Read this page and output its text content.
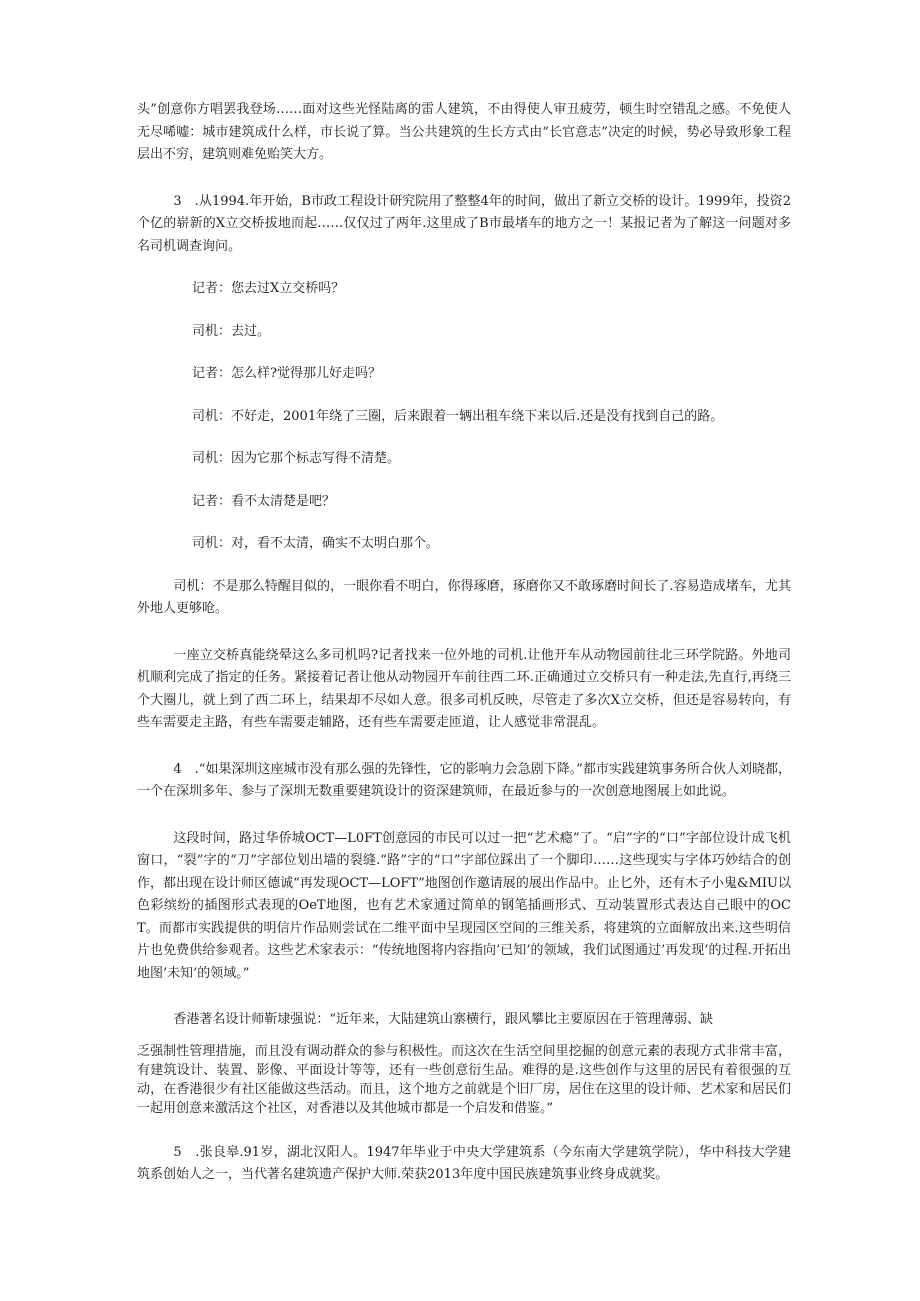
头”创意你方唱罢我登场……面对这些光怪陆离的雷人建筑，不由得使人审丑疲劳，顿生时空错乱之感。不免使人无尽唏嘘：城市建筑成什么样，市长说了算。当公共建筑的生长方式由“长官意志”决定的时候，势必导致形象工程层出不穷，建筑则难免贻笑大方。

3　.从1994.年开始，B市政工程设计研究院用了整整4年的时间，做出了新立交桥的设计。1999年，投资2个亿的崭新的X立交桥拔地而起……仅仅过了两年.这里成了B市最堵车的地方之一！某报记者为了解这一问题对多名司机调查询问。

记者：您去过X立交桥吗？

司机：去过。

记者：怎么样?觉得那儿好走吗？

司机：不好走，2001年绕了三圈，后来跟着一辆出租车绕下来以后.还是没有找到自己的路。

司机：因为它那个标志写得不清楚。

记者：看不太清楚是吧？

司机：对，看不太清，确实不太明白那个。

司机：不是那么特醒目似的，一眼你看不明白，你得琢磨，琢磨你又不敢琢磨时间长了.容易造成堵车，尤其外地人更够呛。

一座立交桥真能绕晕这么多司机吗?记者找来一位外地的司机.让他开车从动物园前往北三环学院路。外地司机顺利完成了指定的任务。紧接着记者让他从动物园开车前往西二环.正确通过立交桥只有一种走法,先直行,再绕三个大圈儿，就上到了西二环上，结果却不尽如人意。很多司机反映，尽管走了多次X立交桥，但还是容易转向，有些车需要走主路，有些车需要走辅路，还有些车需要走匝道，让人感觉非常混乱。

4　.“如果深圳这座城市没有那么强的先锋性，它的影响力会急剧下降。”都市实践建筑事务所合伙人刘晓都，一个在深圳多年、参与了深圳无数重要建筑设计的资深建筑师，在最近参与的一次创意地图展上如此说。

这段时间，路过华侨城OCT—L0FT创意园的市民可以过一把“艺术瘾”了。“启”字的“口”字部位设计成飞机窗口，“裂”字的“刀”字部位划出墙的裂缝.“路”字的“口”字部位踩出了一个脚印……这些现实与字体巧妙结合的创作，都出现在设计师区德诚“再发现OCT—LOFT”地图创作邀请展的展出作品中。止匕外，还有木子小鬼&MIU以色彩缤纷的插图形式表现的OeT地图，也有艺术家通过简单的钢笔插画形式、互动装置形式表达自己眼中的OCT。而都市实践提供的明信片作品则尝试在二维平面中呈现园区空间的三维关系，将建筑的立面解放出来.这些明信片也免费供给参观者。这些艺术家表示：“传统地图将内容指向’已知’的领域，我们试图通过’再发现’的过程.开拓出地图’未知’的领域。”

香港著名设计师靳埭强说：“近年来，大陆建筑山寨横行，跟风攀比主要原因在于管理薄弱、缺

乏强制性管理措施，而且没有调动群众的参与积极性。而这次在生活空间里挖掘的创意元素的表现方式非常丰富，有建筑设计、装置、影像、平面设计等等，还有一些创意衍生品。难得的是.这些创作与这里的居民有着很强的互动，在香港很少有社区能做这些活动。而且，这个地方之前就是个旧厂房，居住在这里的设计师、艺术家和居民们一起用创意来激活这个社区，对香港以及其他城市都是一个启发和借鉴。”

5　.张良皋.91岁，湖北汉阳人。1947年毕业于中央大学建筑系（今东南大学建筑学院），华中科技大学建筑系创始人之一，当代著名建筑遗产保护大师.荣获2013年度中国民族建筑事业终身成就奖。
